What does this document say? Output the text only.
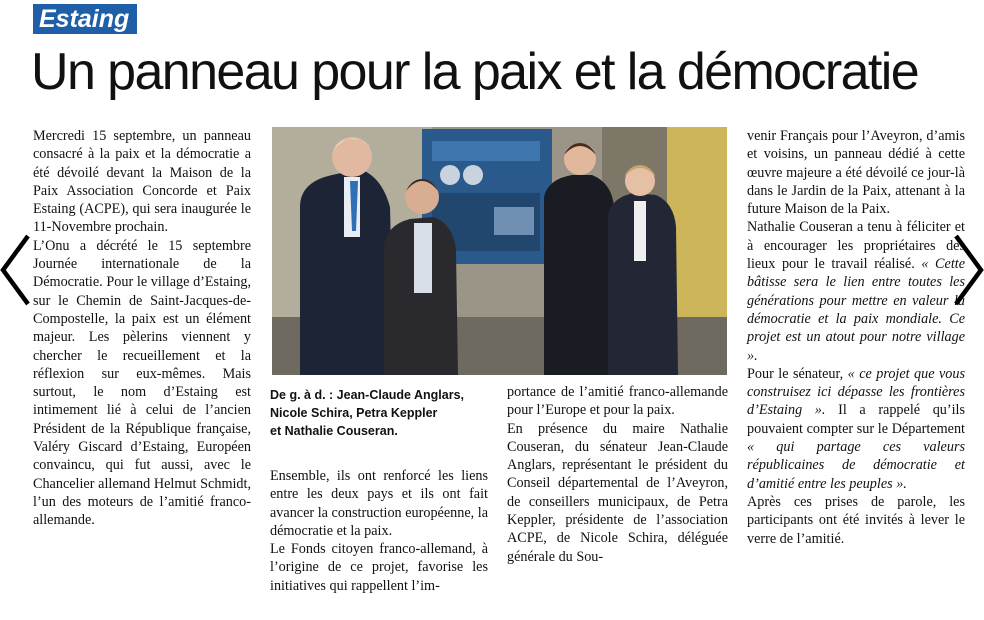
Estaing
Un panneau pour la paix et la démocratie

Mercredi 15 septembre, un panneau consacré à la paix et la démocratie a été dévoilé devant la Maison de la Paix Association Concorde et Paix Estaing (ACPE), qui sera inaugurée le 11-Novembre prochain.

L’Onu a décrété le 15 septembre Journée internationale de la Démocratie. Pour le village d’Estaing, sur le Chemin de Saint-Jacques-de-Compostelle, la paix est un élément majeur. Les pèlerins viennent y chercher le recueillement et la réflexion sur eux-mêmes. Mais surtout, le nom d’Estaing est intimement lié à celui de l’ancien Président de la République française, Valéry Giscard d’Estaing, Européen convaincu, qui fut aussi, avec le Chancelier allemand Helmut Schmidt, l’un des moteurs de l’amitié franco-allemande.

De g. à d. : Jean-Claude Anglars,
Nicole Schira, Petra Keppler
et Nathalie Couseran.

Ensemble, ils ont renforcé les liens entre les deux pays et ils ont fait avancer la construction européenne, la démocratie et la paix.

Le Fonds citoyen franco-allemand, à l’origine de ce projet, favorise les initiatives qui rappellent l’im-

portance de l’amitié franco-allemande pour l’Europe et pour la paix.

En présence du maire Nathalie Couseran, du sénateur Jean-Claude Anglars, représentant le président du Conseil départemental de l’Aveyron, de conseillers municipaux, de Petra Keppler, présidente de l’association ACPE, de Nicole Schira, déléguée générale du Sou-

venir Français pour l’Aveyron, d’amis et voisins, un panneau dédié à cette œuvre majeure a été dévoilé ce jour-là dans le Jardin de la Paix, attenant à la future Maison de la Paix.

Nathalie Couseran a tenu à féliciter et à encourager les propriétaires des lieux pour le travail réalisé. « Cette bâtisse sera le lien entre toutes les générations pour mettre en valeur la démocratie et la paix mondiale. Ce projet est un atout pour notre village ».

Pour le sénateur, « ce projet que vous construisez ici dépasse les frontières d’Estaing ». Il a rappelé qu’ils pouvaient compter sur le Département « qui partage ces valeurs républicaines de démocratie et d’amitié entre les peuples ».

Après ces prises de parole, les participants ont été invités à lever le verre de l’amitié.
